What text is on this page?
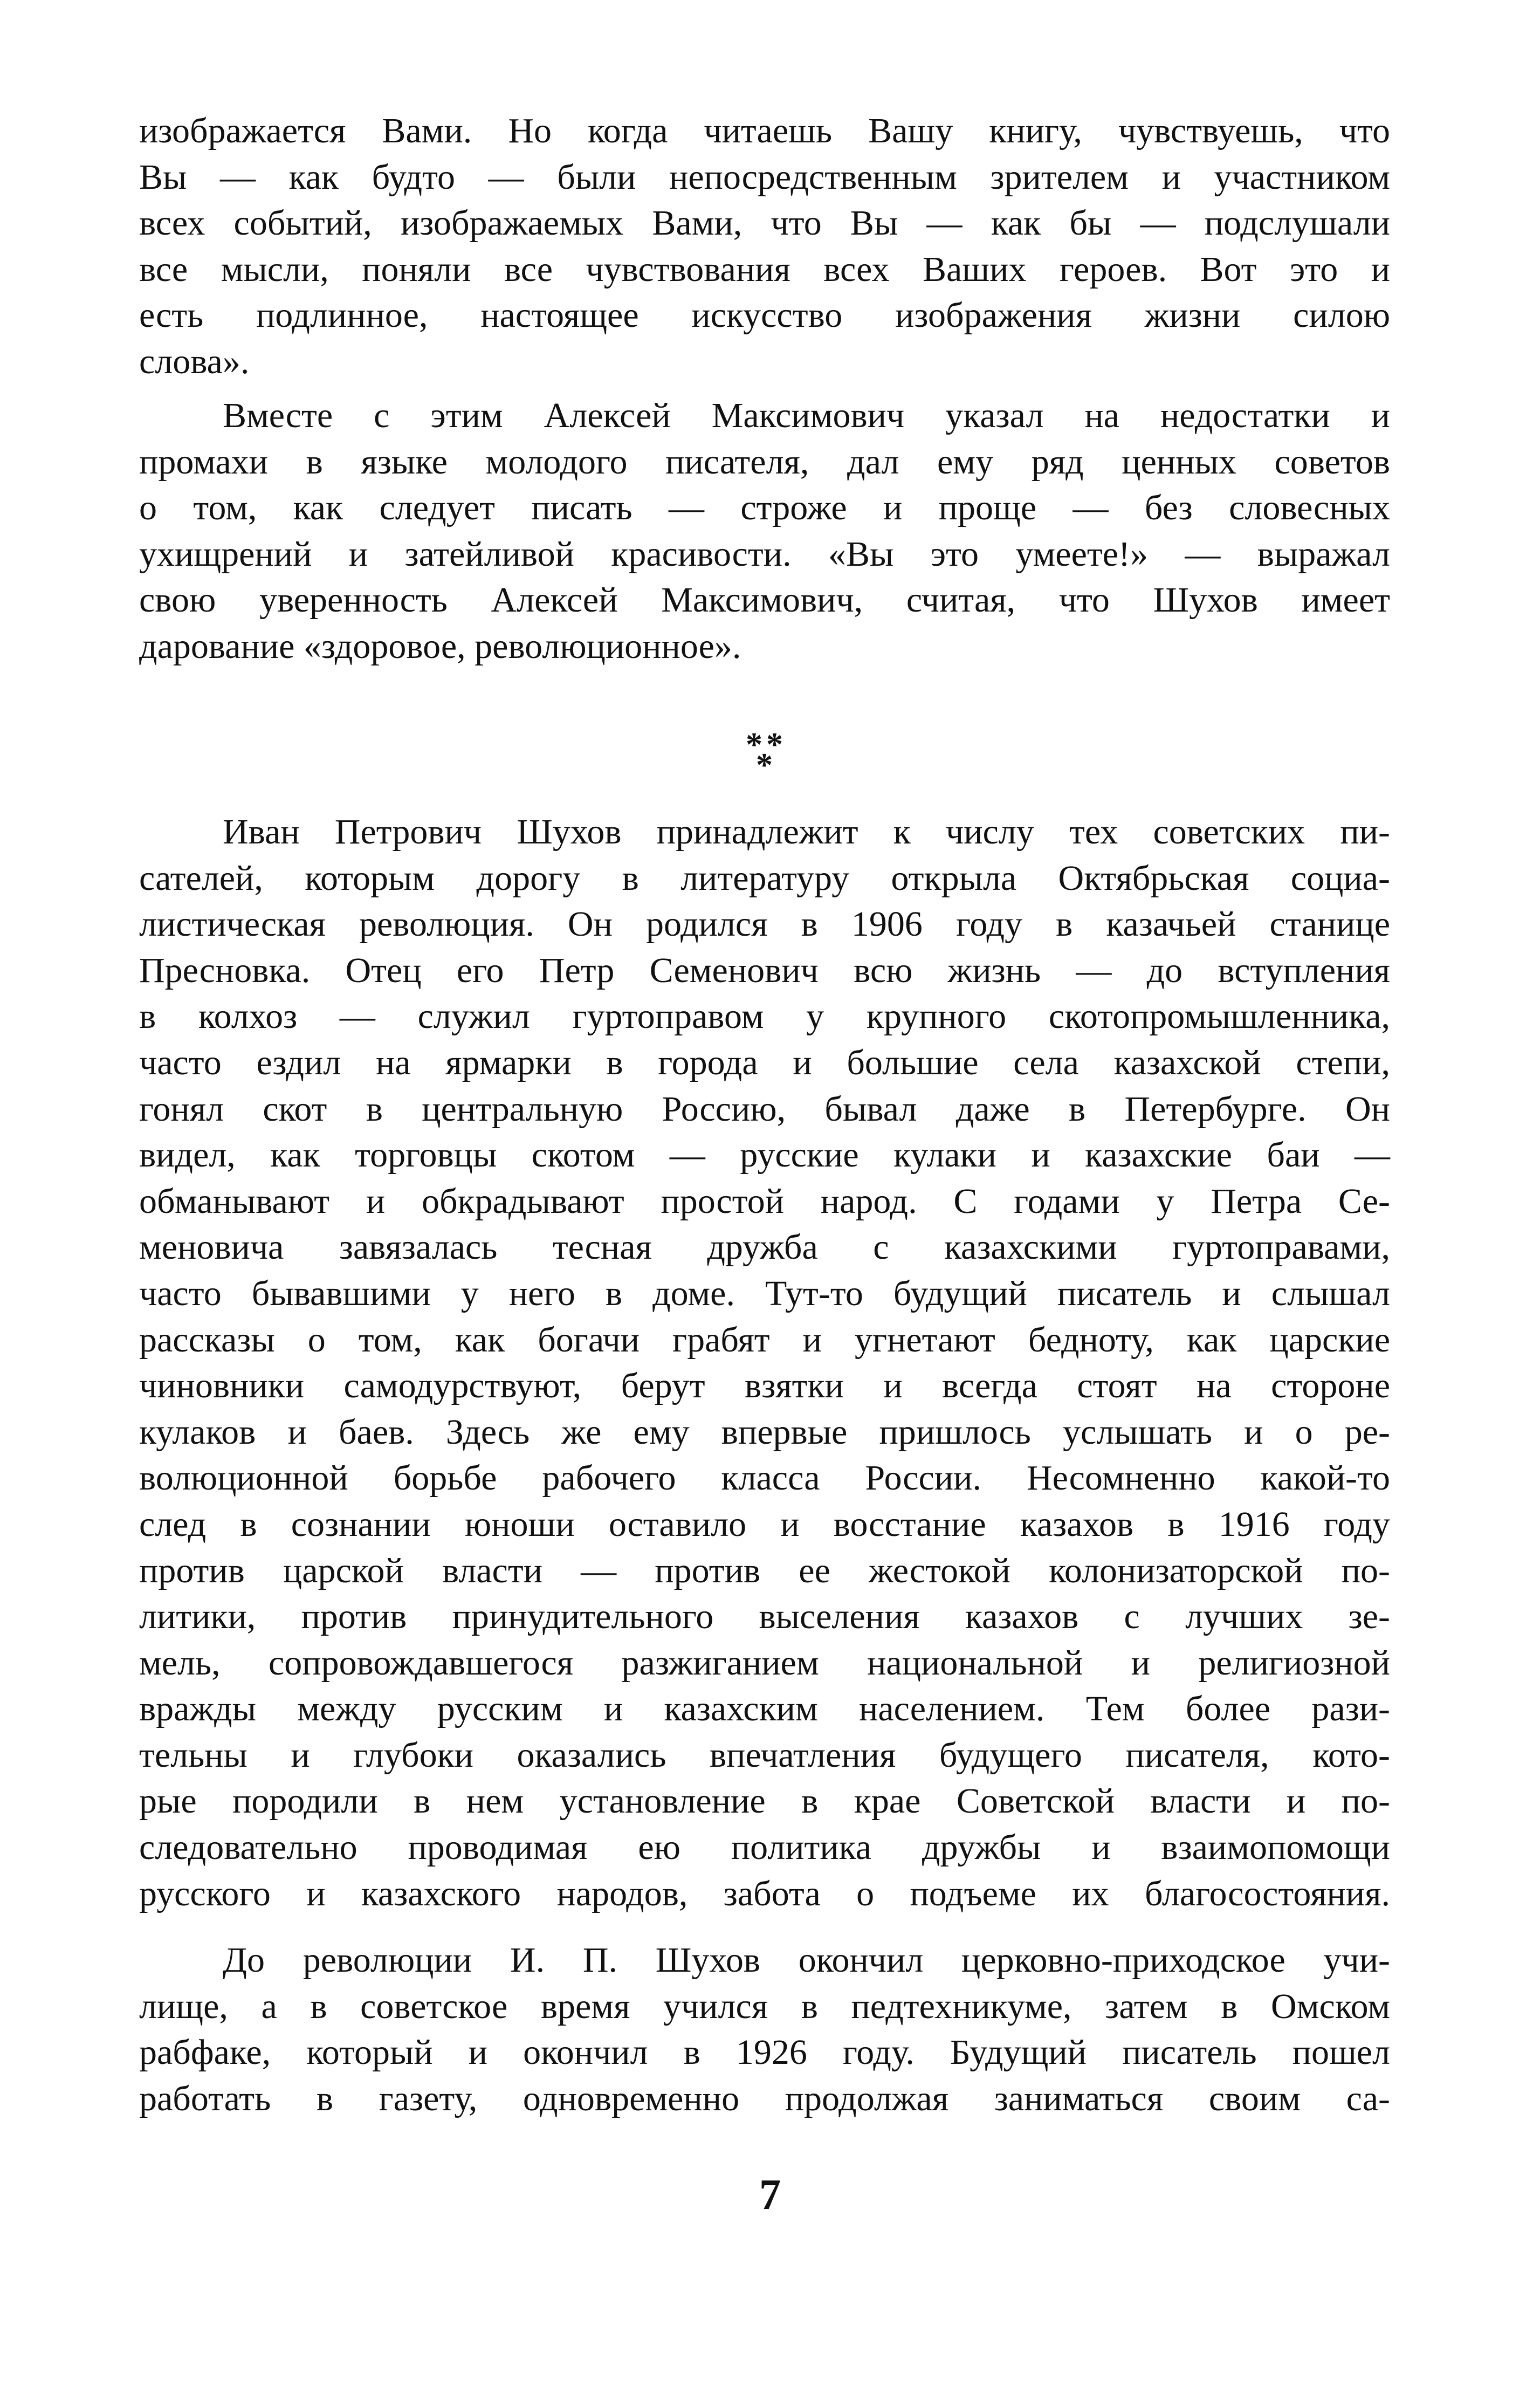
изображается Вами. Но когда читаешь Вашу книгу, чувствуешь, что
Вы — как будто — были непосредственным зрителем и участником
всех событий, изображаемых Вами, что Вы — как бы — подслушали
все мысли, поняли все чувствования всех Ваших героев. Вот это и
есть подлинное, настоящее искусство изображения жизни силою
слова».

Вместе с этим Алексей Максимович указал на недостатки и
промахи в языке молодого писателя, дал ему ряд ценных советов
о том, как следует писать — строже и проще — без словесных
ухищрений и затейливой красивости. «Вы это умеете!» — выражал
свою уверенность Алексей Максимович, считая, что Шухов имеет
дарование «здоровое, революционное».

* *
*

Иван Петрович Шухов принадлежит к числу тех советских пи-
сателей, которым дорогу в литературу открыла Октябрьская социа-
листическая революция. Он родился в 1906 году в казачьей станице
Пресновка. Отец его Петр Семенович всю жизнь — до вступления
в колхоз — служил гуртоправом у крупного скотопромышленника,
часто ездил на ярмарки в города и большие села казахской степи,
гонял скот в центральную Россию, бывал даже в Петербурге. Он
видел, как торговцы скотом — русские кулаки и казахские баи —
обманывают и обкрадывают простой народ. С годами у Петра Се-
меновича завязалась тесная дружба с казахскими гуртоправами,
часто бывавшими у него в доме. Тут-то будущий писатель и слышал
рассказы о том, как богачи грабят и угнетают бедноту, как царские
чиновники самодурствуют, берут взятки и всегда стоят на стороне
кулаков и баев. Здесь же ему впервые пришлось услышать и о ре-
волюционной борьбе рабочего класса России. Несомненно какой-то
след в сознании юноши оставило и восстание казахов в 1916 году
против царской власти — против ее жестокой колонизаторской по-
литики, против принудительного выселения казахов с лучших зе-
мель, сопровождавшегося разжиганием национальной и религиозной
вражды между русским и казахским населением. Тем более рази-
тельны и глубоки оказались впечатления будущего писателя, кото-
рые породили в нем установление в крае Советской власти и по-
следовательно проводимая ею политика дружбы и взаимопомощи
русского и казахского народов, забота о подъеме их благосостояния.

До революции И. П. Шухов окончил церковно-приходское учи-
лище, а в советское время учился в педтехникуме, затем в Омском
рабфаке, который и окончил в 1926 году. Будущий писатель пошел
работать в газету, одновременно продолжая заниматься своим са-

7
